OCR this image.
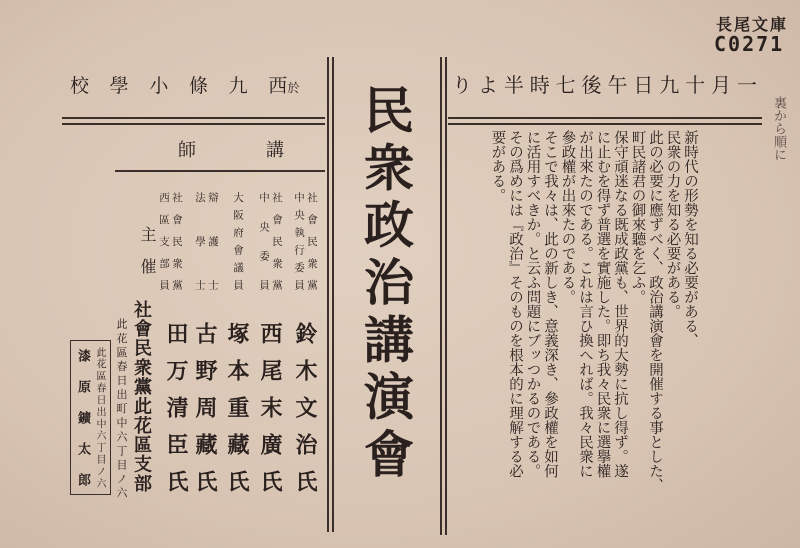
長尾文庫
C0271
裏から順に
一月十九日午後七時半より
於西九條小學校	民衆政治講演會	新時代の形勢を知る必要がある、
民衆の力を知る必要がある。
此の必要に應ずべく、政治講演會を開催する事とした、
町民諸君の御來聽を乞ふ。
保守頑迷なる既成政黨も、世界的大勢に抗し得ず。遂
に止むを得ず普選を實施した。即ち我々民衆に選擧權
が出來たのである。これは言ひ換へれば。我々民衆に
參政權が出來たのである。
そこで我々は、此の新しき、意義深き、參政權を如何
に活用すべきか。と云ふ問題にブッつかるのである。
その爲めには『政治』そのものを根本的に理解する必
要がある。
講師
社會民衆黨
中央執行委員
鈴木文治氏
社會民衆黨
中央委員
西尾末廣氏
大阪府會議員
塚本重藏氏
辯護士
法學士
古野周藏氏
社會民衆黨
西區支部員
田万清臣氏
主催
社會民衆黨此花區支部
此花區春日出町中六丁目ノ六
此花區春日出中六丁目ノ六
漆原鑛太郎
